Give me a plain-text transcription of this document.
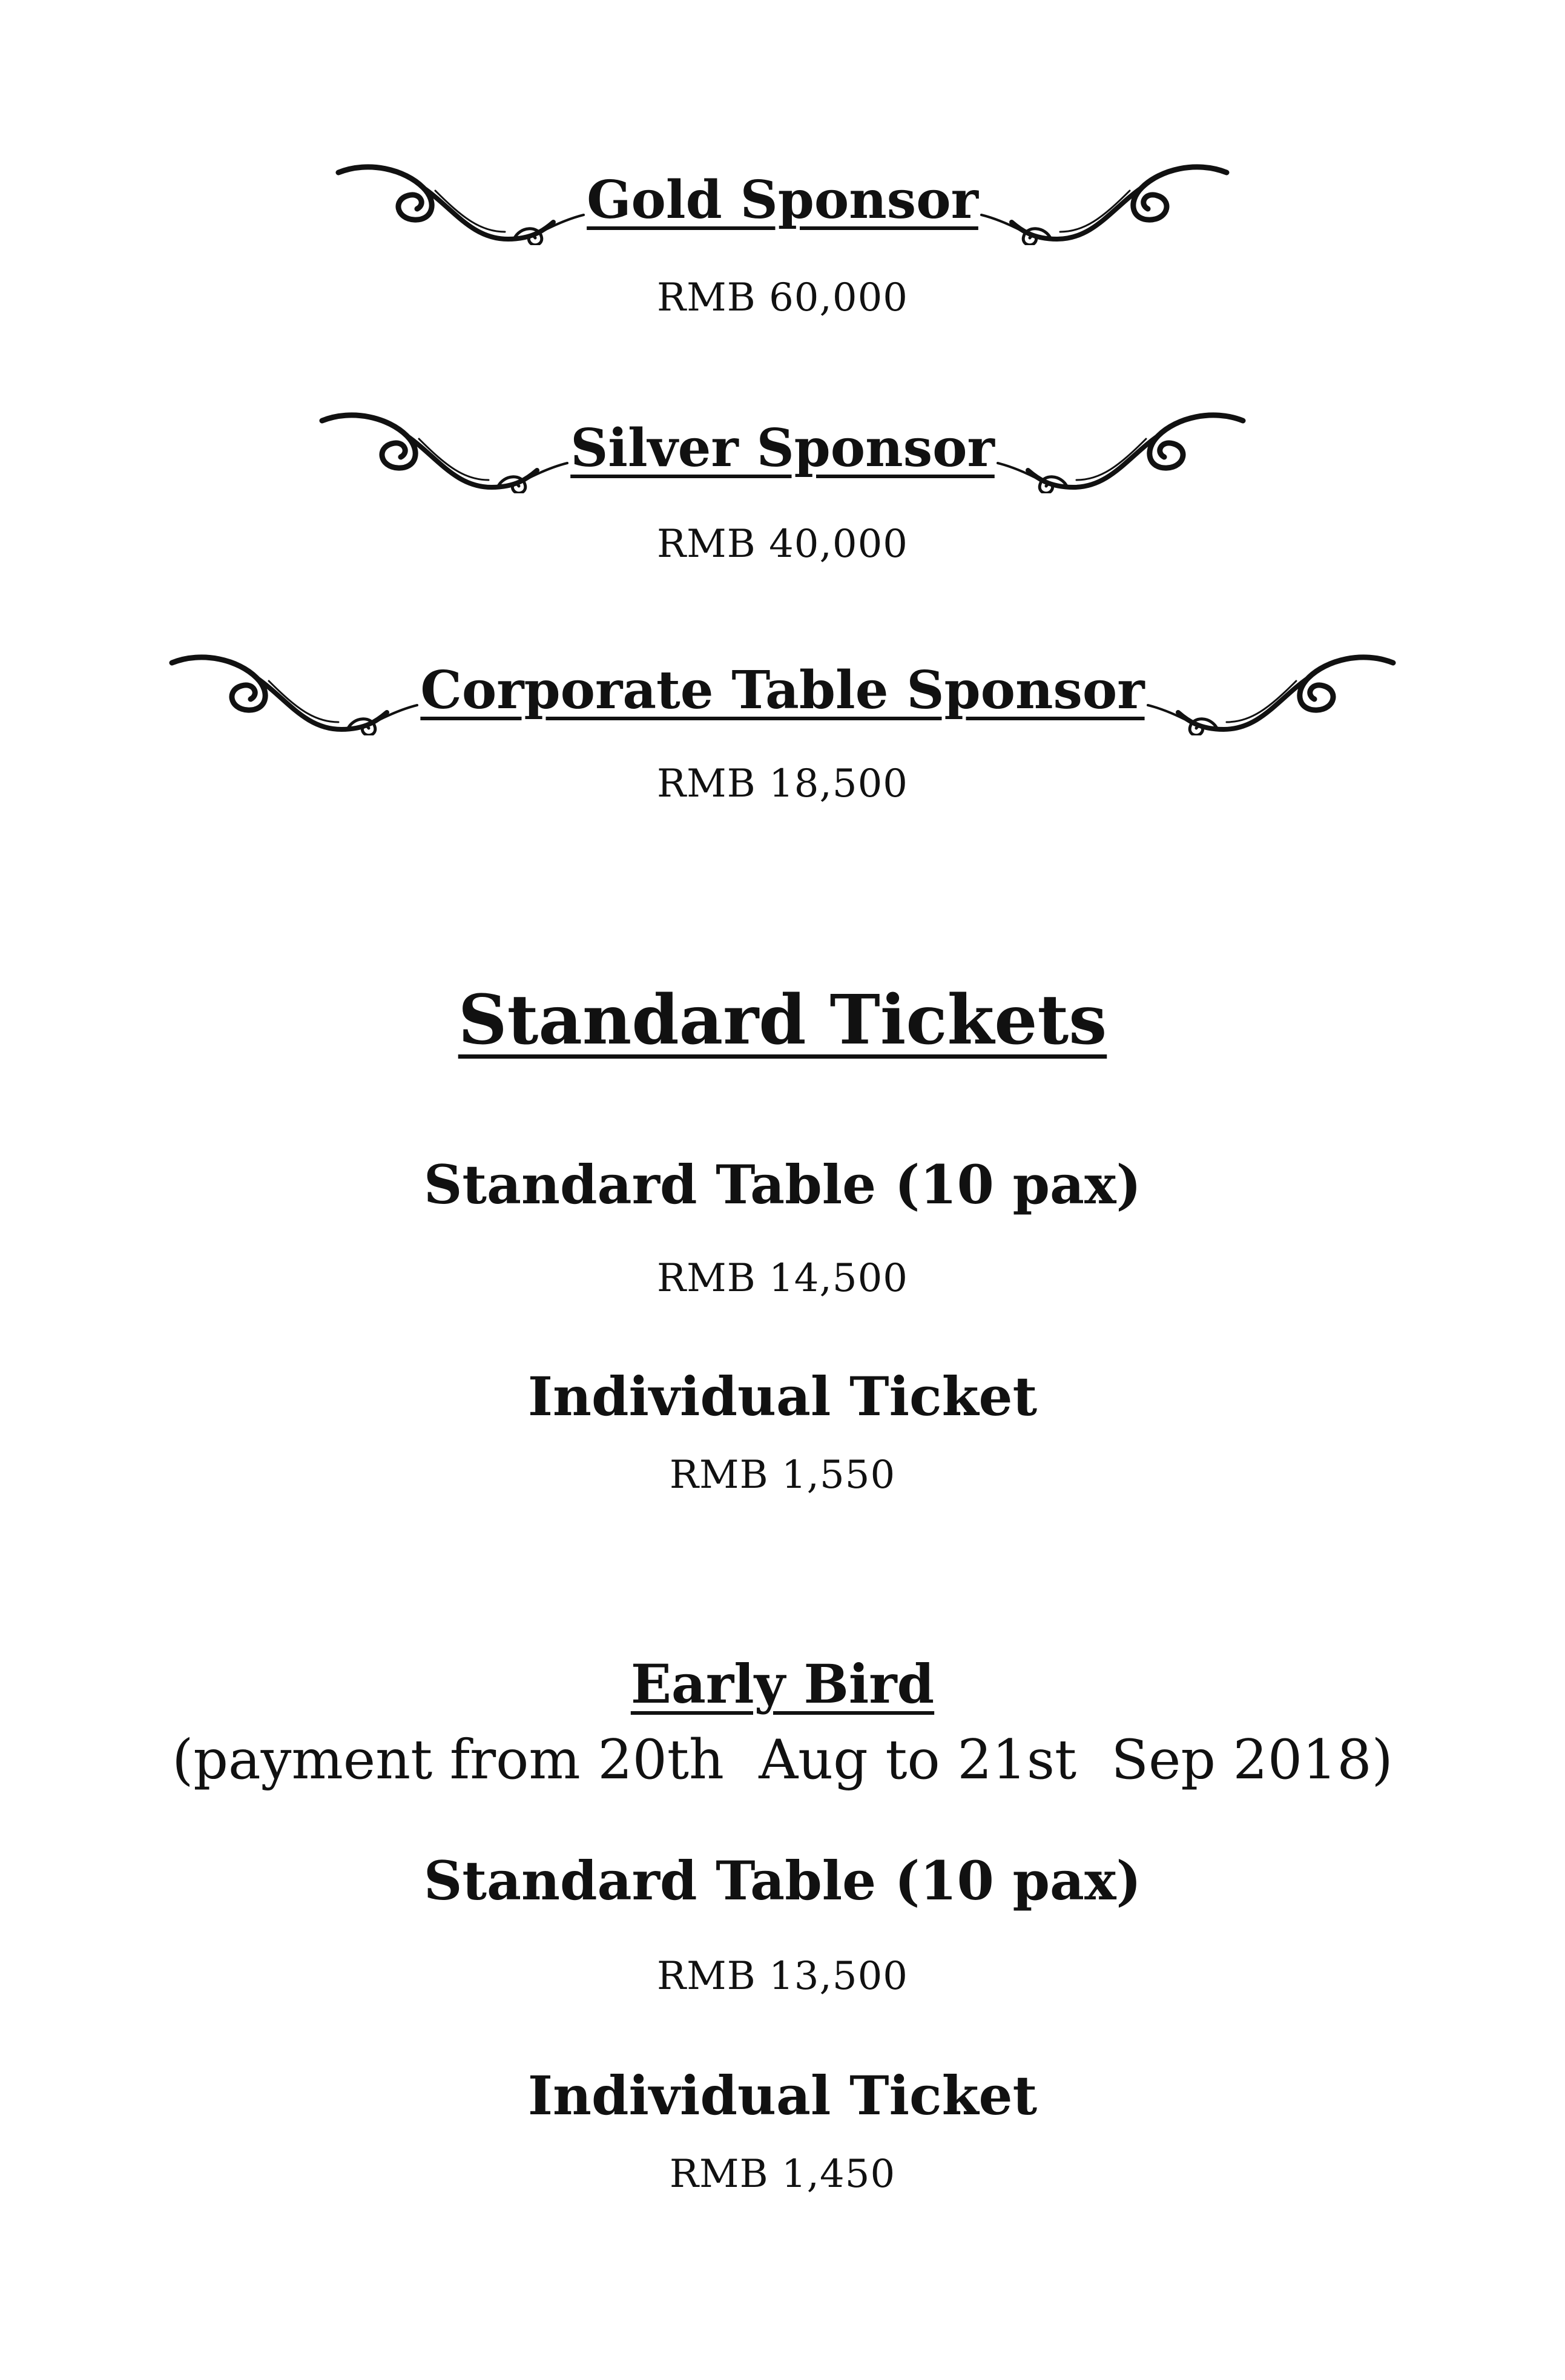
Gold Sponsor
RMB 60,000
Silver Sponsor
RMB 40,000
Corporate Table Sponsor
RMB 18,500
Standard Tickets
Standard Table (10 pax)
RMB 14,500
Individual Ticket
RMB 1,550
Early Bird
(payment from 20th  Aug to 21st  Sep 2018)
Standard Table (10 pax)
RMB 13,500
Individual Ticket
RMB 1,450
